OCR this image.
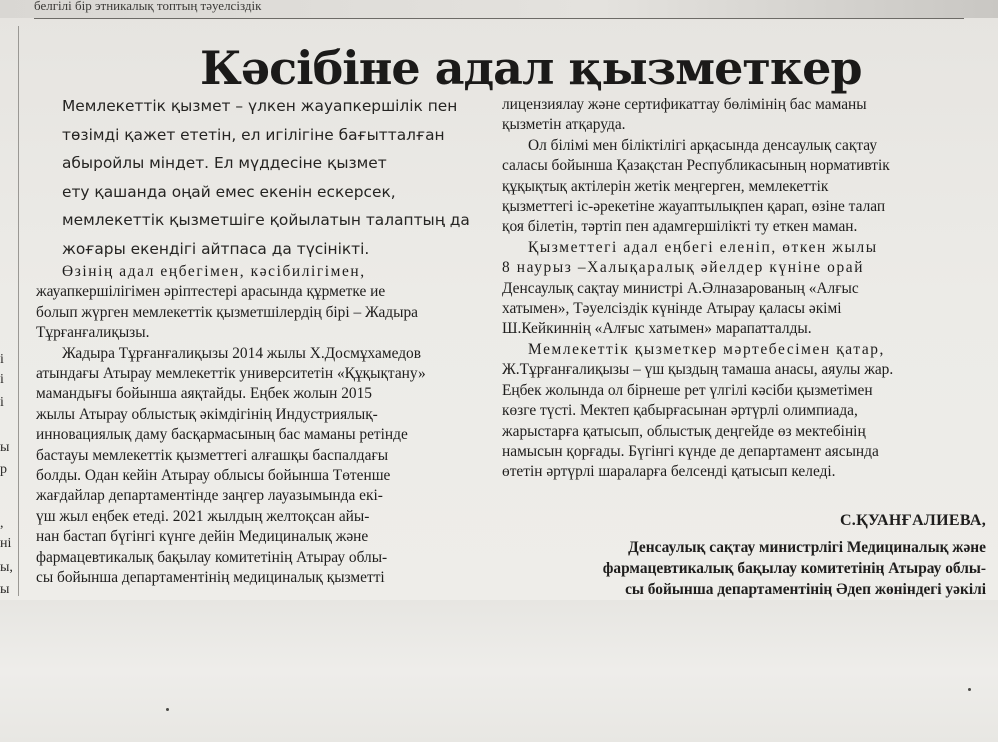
белгілі бір этникалық топтың тәуелсіздік
і
і
і
ы
р
,
ні
ы,
ы
Кәсібіне адал қызметкер
Мемлекеттік қызмет – үлкен жауапкершілік пен
төзімді қажет ететін, ел игілігіне бағытталған
абыройлы міндет. Ел мүддесіне қызмет
ету қашанда оңай емес екенін ескерсек,
мемлекеттік қызметшіге қойылатын талаптың да
жоғары екендігі айтпаса да түсінікті.
Өзінің адал еңбегімен, кәсібилігімен,
жауапкершілігімен әріптестері арасында құрметке ие
болып жүрген мемлекеттік қызметшілердің бірі – Жадыра
Тұрғанғалиқызы.
Жадыра Тұрғанғалиқызы 2014 жылы Х.Досмұхамедов
атындағы Атырау мемлекеттік университетін «Құқықтану»
мамандығы бойынша аяқтайды. Еңбек жолын 2015
жылы Атырау облыстық әкімдігінің Индустриялық-
инновациялық даму басқармасының бас маманы ретінде
бастауы мемлекеттік қызметтегі алғашқы баспалдағы
болды. Одан кейін Атырау облысы бойынша Төтенше
жағдайлар департаментінде заңгер лауазымында екі-
үш жыл еңбек етеді. 2021 жылдың желтоқсан айы-
нан бастап бүгінгі күнге дейін Медициналық және
фармацевтикалық бақылау комитетінің Атырау облы-
сы бойынша департаментінің медициналық қызметті
лицензиялау және сертификаттау бөлімінің бас маманы
қызметін атқаруда.
Ол білімі мен біліктілігі арқасында денсаулық сақтау
саласы бойынша Қазақстан Республикасының нормативтік
құқықтық актілерін жетік меңгерген, мемлекеттік
қызметтегі іс-әрекетіне жауаптылықпен қарап, өзіне талап
қоя білетін, тәртіп пен адамгершілікті ту еткен маман.
Қызметтегі адал еңбегі еленіп, өткен жылы
8 наурыз –Халықаралық әйелдер күніне орай
Денсаулық сақтау министрі А.Әлназарованың «Алғыс
хатымен», Тәуелсіздік күнінде Атырау қаласы әкімі
Ш.Кейкиннің «Алғыс хатымен» марапатталды.
Мемлекеттік қызметкер мәртебесімен қатар,
Ж.Тұрғанғалиқызы – үш қыздың тамаша анасы, аяулы жар.
Еңбек жолында ол бірнеше рет үлгілі кәсіби қызметімен
көзге түсті. Мектеп қабырғасынан әртүрлі олимпиада,
жарыстарға қатысып, облыстық деңгейде өз мектебінің
намысын қорғады. Бүгінгі күнде де департамент аясында
өтетін әртүрлі шараларға белсенді қатысып келеді.
С.ҚУАНҒАЛИЕВА,
Денсаулық сақтау министрлігі Медициналық және
фармацевтикалық бақылау комитетінің Атырау облы-
сы бойынша департаментінің Әдеп жөніндегі уәкілі
